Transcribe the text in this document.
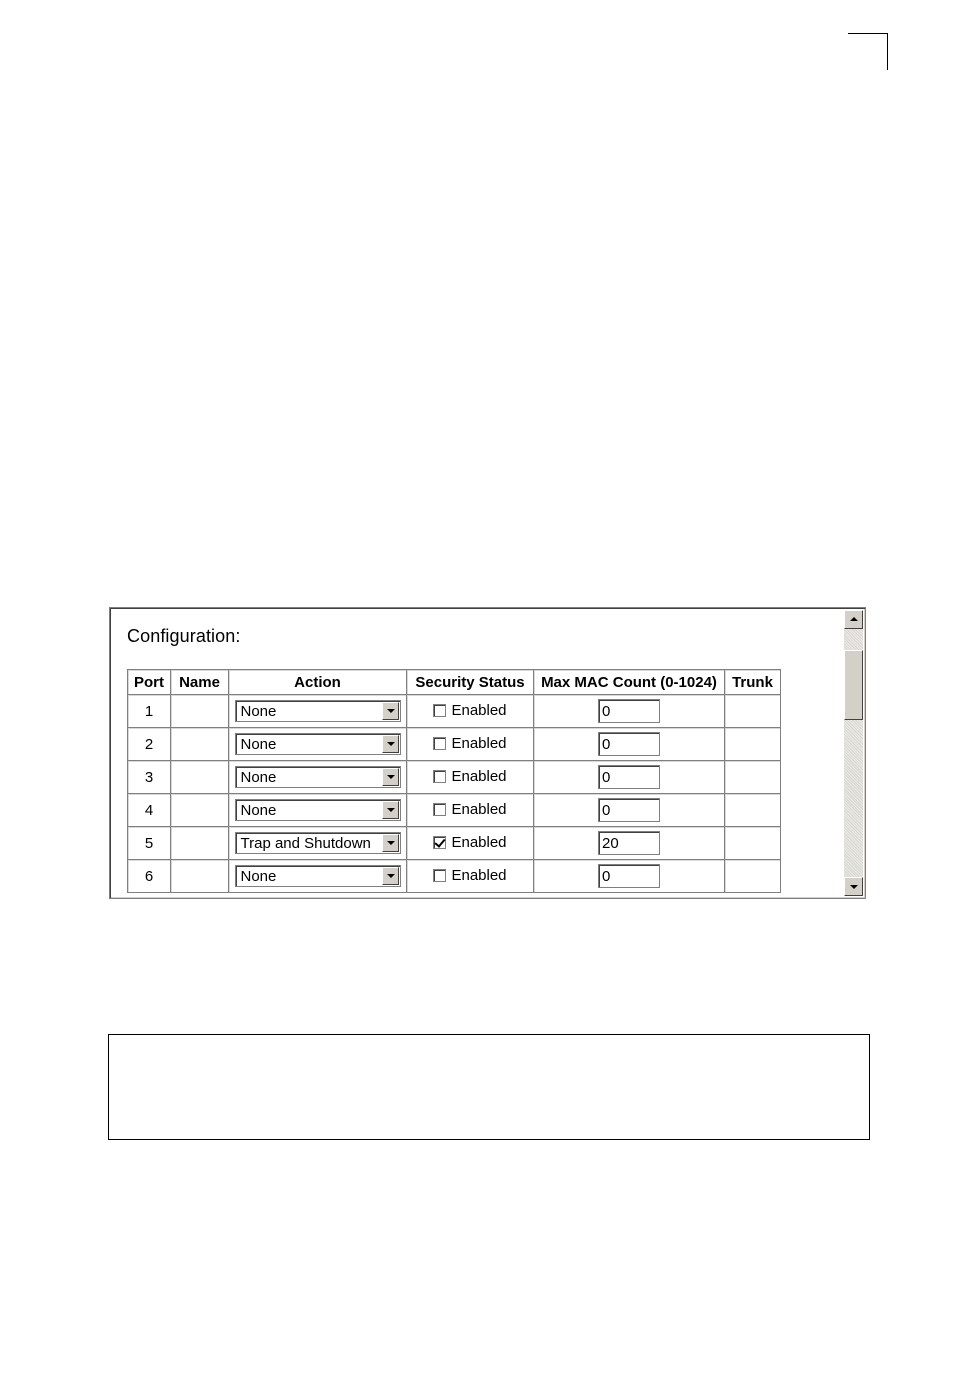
Configuration:
Port	Name	Action	Security Status	Max MAC Count (0-1024)	Trunk
1		None	Enabled	0	
2		None	Enabled	0	
3		None	Enabled	0	
4		None	Enabled	0	
5		Trap and Shutdown	Enabled	20	
6		None	Enabled	0	
